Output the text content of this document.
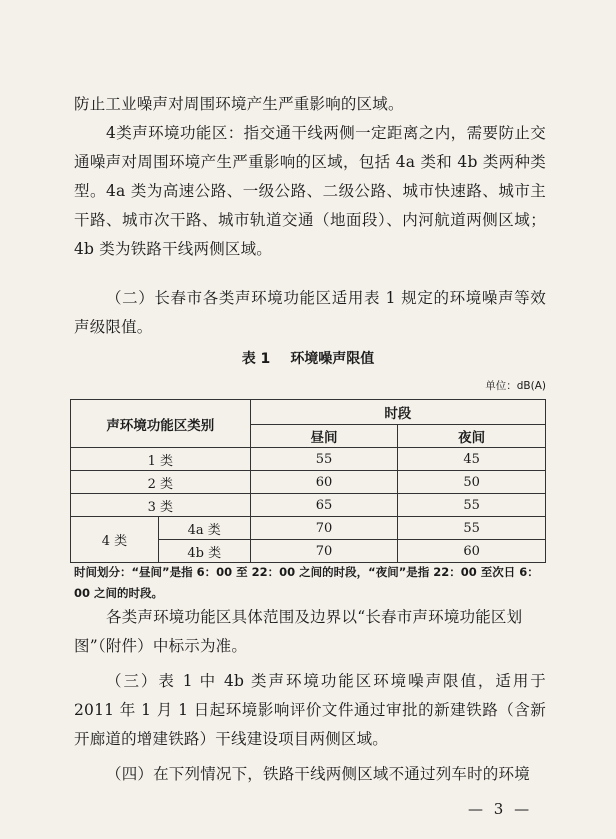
防止工业噪声对周围环境产生严重影响的区域。

4类声环境功能区：指交通干线两侧一定距离之内，需要防止交通噪声对周围环境产生严重影响的区域，包括 4a 类和 4b 类两种类型。4a 类为高速公路、一级公路、二级公路、城市快速路、城市主干路、城市次干路、城市轨道交通（地面段）、内河航道两侧区域；4b 类为铁路干线两侧区域。

（二）长春市各类声环境功能区适用表 1 规定的环境噪声等效声级限值。

表 1 环境噪声限值
单位：dB(A)
声环境功能区类别		时段	
		昼间	夜间
1 类		55	45
2 类		60	50
3 类		65	55
4 类	4a 类	70	55
	4b 类	70	60
时间划分：“昼间”是指 6：00 至 22：00 之间的时段，“夜间”是指 22：00 至次日 6：00 之间的时段。

各类声环境功能区具体范围及边界以“长春市声环境功能区划图”（附件）中标示为准。

（三）表 1 中 4b 类声环境功能区环境噪声限值，适用于 2011 年 1 月 1 日起环境影响评价文件通过审批的新建铁路（含新开廊道的增建铁路）干线建设项目两侧区域。

（四）在下列情况下，铁路干线两侧区域不通过列车时的环境

— 3 —
